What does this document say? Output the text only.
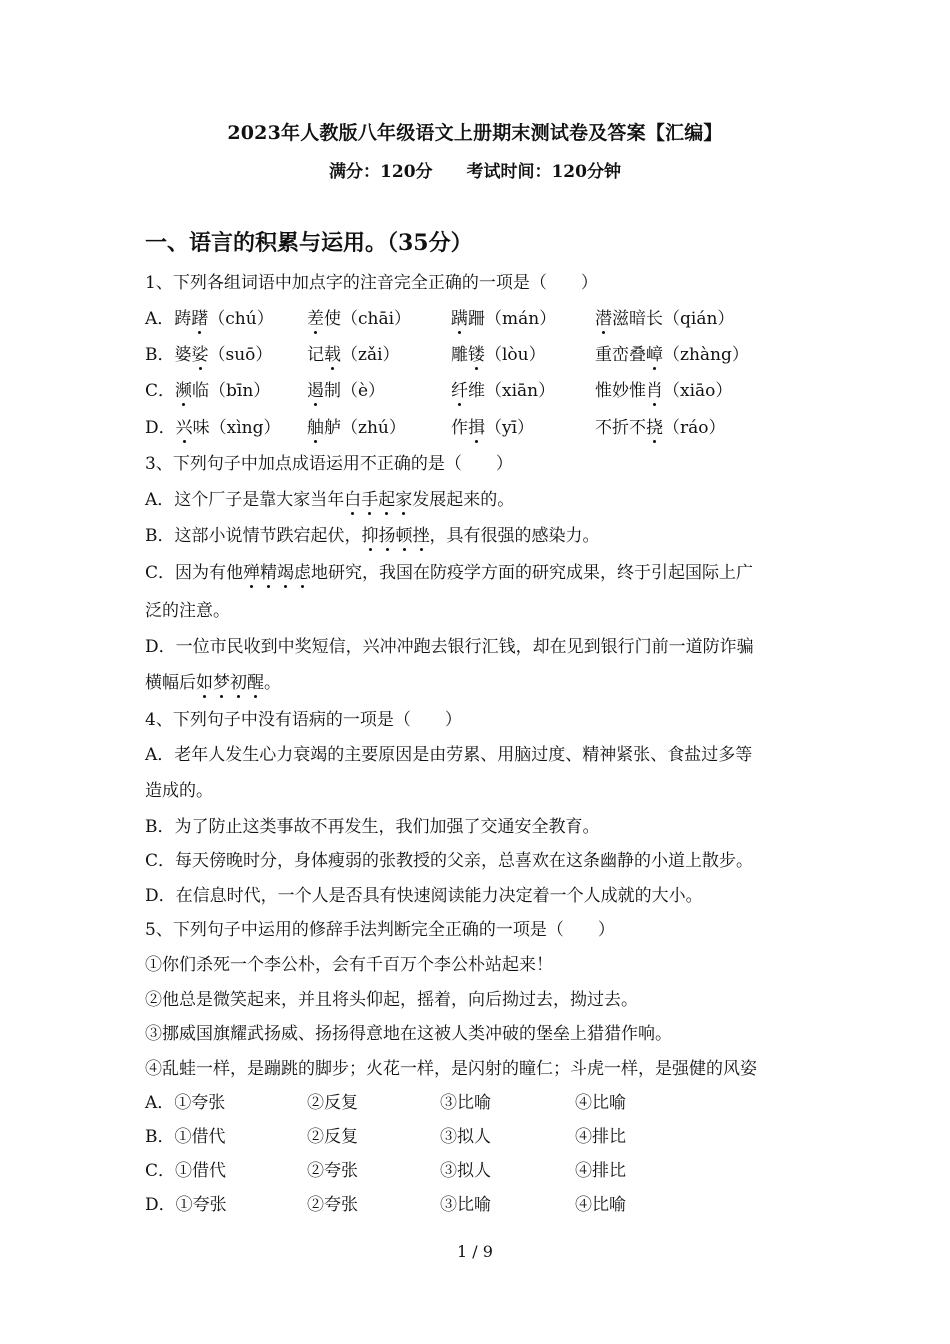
2023年人教版八年级语文上册期末测试卷及答案【汇编】
满分：120分 考试时间：120分钟
一、语言的积累与运用。（35分）
1、下列各组词语中加点字的注音完全正确的一项是（　　）
A．踌躇（chú） 差使（chāi） 蹒跚（mán） 潜滋暗长（qián）
B．婆娑（suō） 记载（zǎi）	雕镂（lòu）	重峦叠嶂（zhàng）
C．濒临（bīn） 遏制（è）	纤维（xiān） 惟妙惟肖（xiāo）
D．兴味（xìng） 舳舻（zhú）	作揖（yī）	不折不挠（ráo）
3、下列句子中加点成语运用不正确的是（　　）
A．这个厂子是靠大家当年白手起家发展起来的。
B．这部小说情节跌宕起伏，抑扬顿挫，具有很强的感染力。
C．因为有他殚精竭虑地研究，我国在防疫学方面的研究成果，终于引起国际上广
泛的注意。
D．一位市民收到中奖短信，兴冲冲跑去银行汇钱，却在见到银行门前一道防诈骗
横幅后如梦初醒。
4、下列句子中没有语病的一项是（　　）
A．老年人发生心力衰竭的主要原因是由劳累、用脑过度、精神紧张、食盐过多等
造成的。
B．为了防止这类事故不再发生，我们加强了交通安全教育。
C．每天傍晚时分，身体瘦弱的张教授的父亲，总喜欢在这条幽静的小道上散步。
D．在信息时代，一个人是否具有快速阅读能力决定着一个人成就的大小。
5、下列句子中运用的修辞手法判断完全正确的一项是（　　）
①你们杀死一个李公朴，会有千百万个李公朴站起来！
②他总是微笑起来，并且将头仰起，摇着，向后拗过去，拗过去。
③挪威国旗耀武扬威、扬扬得意地在这被人类冲破的堡垒上猎猎作响。
④乱蛙一样，是蹦跳的脚步；火花一样，是闪射的瞳仁；斗虎一样，是强健的风姿
A．①夸张	②反复	③比喻	④比喻
B．①借代	②反复	③拟人	④排比
C．①借代	②夸张	③拟人	④排比
D．①夸张	②夸张	③比喻	④比喻
1 / 9
